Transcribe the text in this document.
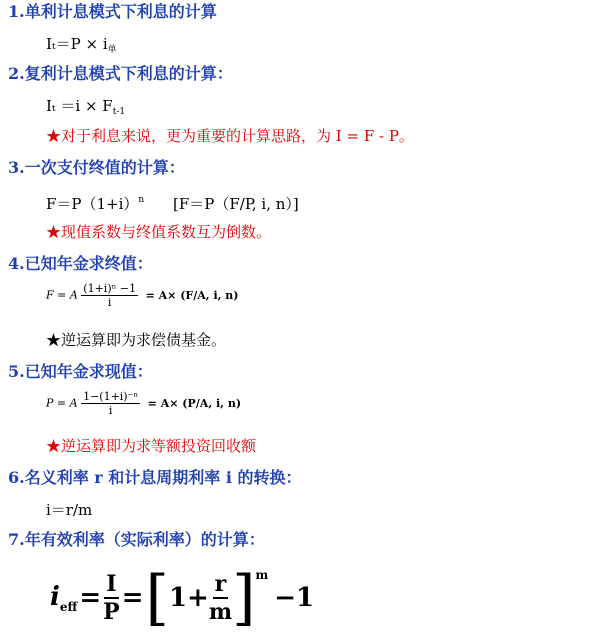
1.单利计息模式下利息的计算
$I_t=P \times i_单$
2.复利计息模式下利息的计算：
$I_t =i \times F_{t-1}$
★对于利息来说，更为重要的计算思路，为 I = F - P。
3.一次支付终值的计算：
$F=P(1+i)^n$ [F＝P（F/P, i, n）]
★现值系数与终值系数互为倒数。
4.已知年金求终值：
F = A $\frac{\text{(1+i)ⁿ −1}}{i} = A\times (F/A$, i, n)
★逆运算即为求偿债基金。
5.已知年金求现值：
P = A $\frac{\text{1−(1+i)⁻ⁿ}}{i} = A\times (P/A$, i, n)
★逆运算即为求等额投资回收额
6.名义利率 r 和计息周期利率 i 的转换：
i＝r/m
7.年有效利率（实际利率）的计算：
$i_{eff} = \frac{I}{P}$ = [ $1+ \frac{r}{m}$ ] m
−1
